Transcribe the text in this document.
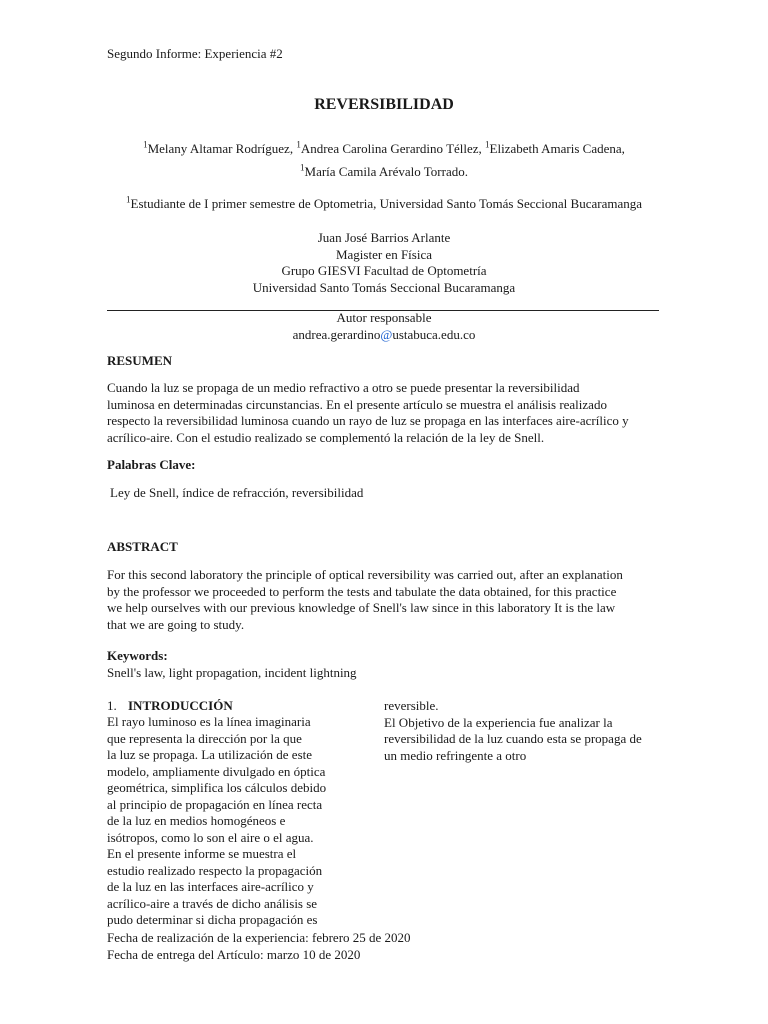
Segundo Informe: Experiencia #2
REVERSIBILIDAD
$^1$Melany Altamar Rodríguez, $^1$Andrea Carolina Gerardino Téllez, $^1$Elizabeth Amaris Cadena,
$^1$María Camila Arévalo Torrado.
$^1$Estudiante de I primer semestre de Optometria, Universidad Santo Tomás Seccional Bucaramanga
Juan José Barrios Arlante
Magister en Física
Grupo GIESVI Facultad de Optometría
Universidad Santo Tomás Seccional Bucaramanga
Autor responsable
andrea.gerardino@ustabuca.edu.co
RESUMEN

Cuando la luz se propaga de un medio refractivo a otro se puede presentar la reversibilidad

luminosa en determinadas circunstancias. En el presente artículo se muestra el análisis realizado

respecto la reversibilidad luminosa cuando un rayo de luz se propaga en las interfaces aire-acrílico y

acrílico-aire. Con el estudio realizado se complementó la relación de la ley de Snell.

Palabras Clave:
Ley de Snell, índice de refracción, reversibilidad
ABSTRACT
For this second laboratory the principle of optical reversibility was carried out, after an explanation
by the professor we proceeded to perform the tests and tabulate the data obtained, for this practice
we help ourselves with our previous knowledge of Snell's law since in this laboratory It is the law
that we are going to study.
Keywords:
Snell's law, light propagation, incident lightning
1. INTRODUCCIÓN

El rayo luminoso es la línea imaginaria

que representa la dirección por la que

la luz se propaga. La utilización de este

modelo, ampliamente divulgado en óptica

geométrica, simplifica los cálculos debido

al principio de propagación en línea recta

de la luz en medios homogéneos e

isótropos, como lo son el aire o el agua.

En el presente informe se muestra el

estudio realizado respecto la propagación

de la luz en las interfaces aire-acrílico y

acrílico-aire a través de dicho análisis se

pudo determinar si dicha propagación es

reversible.

El Objetivo de la experiencia fue analizar la

reversibilidad de la luz cuando esta se propaga de

un medio refringente a otro

Fecha de realización de la experiencia: febrero 25 de 2020
Fecha de entrega del Artículo: marzo 10 de 2020
